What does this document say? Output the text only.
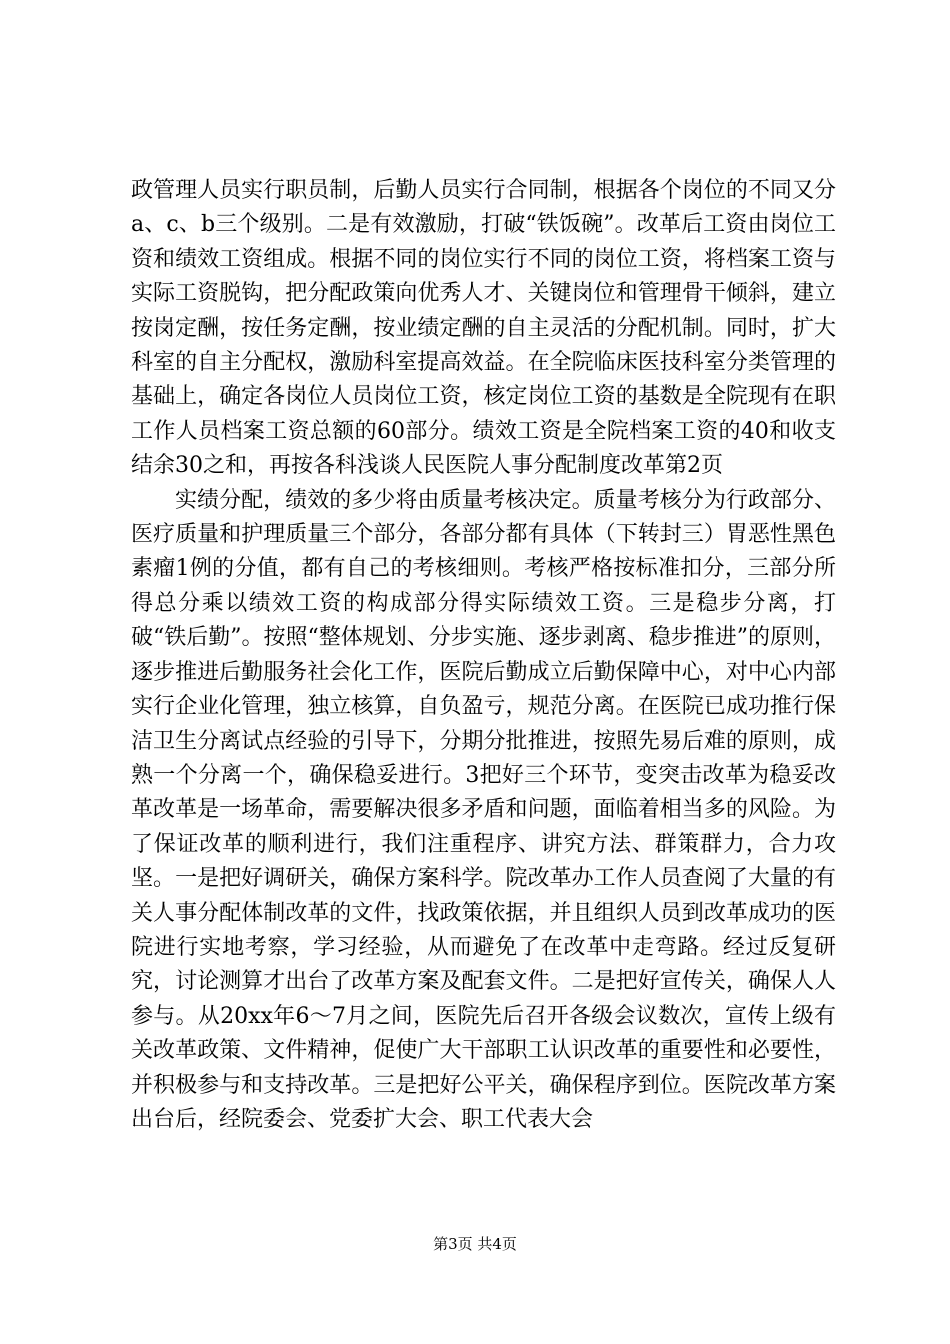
政管理人员实行职员制，后勤人员实行合同制，根据各个岗位的不同又分a、c、b三个级别。二是有效激励，打破“铁饭碗”。改革后工资由岗位工资和绩效工资组成。根据不同的岗位实行不同的岗位工资，将档案工资与实际工资脱钩，把分配政策向优秀人才、关键岗位和管理骨干倾斜，建立按岗定酬，按任务定酬，按业绩定酬的自主灵活的分配机制。同时，扩大科室的自主分配权，激励科室提高效益。在全院临床医技科室分类管理的基础上，确定各岗位人员岗位工资，核定岗位工资的基数是全院现有在职工作人员档案工资总额的60部分。绩效工资是全院档案工资的40和收支结余30之和，再按各科浅谈人民医院人事分配制度改革第2页

实绩分配，绩效的多少将由质量考核决定。质量考核分为行政部分、医疗质量和护理质量三个部分，各部分都有具体（下转封三）胃恶性黑色素瘤1例的分值，都有自己的考核细则。考核严格按标准扣分，三部分所得总分乘以绩效工资的构成部分得实际绩效工资。三是稳步分离，打破“铁后勤”。按照“整体规划、分步实施、逐步剥离、稳步推进”的原则，逐步推进后勤服务社会化工作，医院后勤成立后勤保障中心，对中心内部实行企业化管理，独立核算，自负盈亏，规范分离。在医院已成功推行保洁卫生分离试点经验的引导下，分期分批推进，按照先易后难的原则，成熟一个分离一个，确保稳妥进行。3把好三个环节，变突击改革为稳妥改革改革是一场革命，需要解决很多矛盾和问题，面临着相当多的风险。为了保证改革的顺利进行，我们注重程序、讲究方法、群策群力，合力攻坚。一是把好调研关，确保方案科学。院改革办工作人员查阅了大量的有关人事分配体制改革的文件，找政策依据，并且组织人员到改革成功的医院进行实地考察，学习经验，从而避免了在改革中走弯路。经过反复研究，讨论测算才出台了改革方案及配套文件。二是把好宣传关，确保人人参与。从20xx年6～7月之间，医院先后召开各级会议数次，宣传上级有关改革政策、文件精神，促使广大干部职工认识改革的重要性和必要性，并积极参与和支持改革。三是把好公平关，确保程序到位。医院改革方案出台后，经院委会、党委扩大会、职工代表大会

第3页 共4页
